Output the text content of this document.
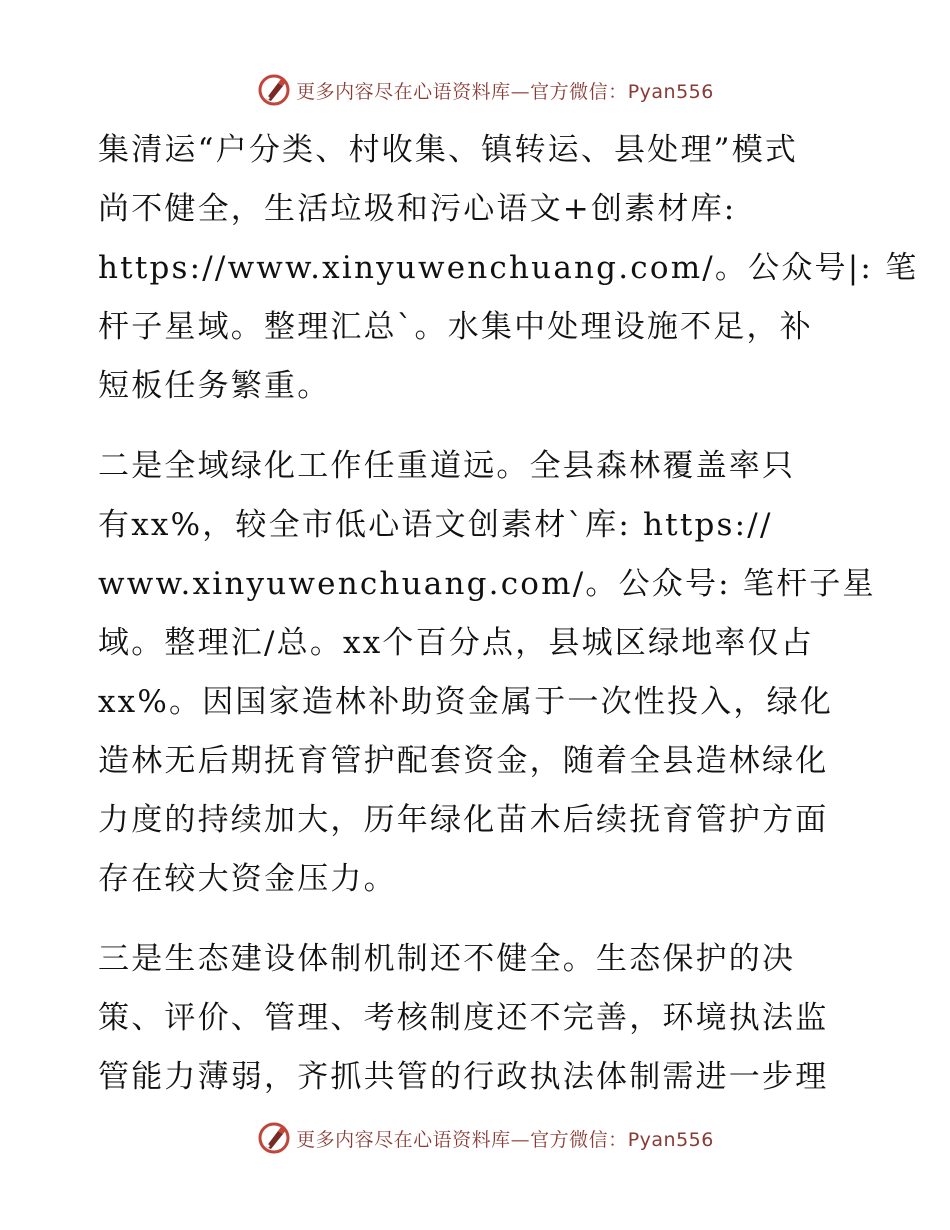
更多内容尽在心语资料库—官方微信：Pyan556
集清运“户分类、村收集、镇转运、县处理”模式
尚不健全，生活垃圾和污心语文+创素材库:
https://www.xinyuwenchuang.com/。公众号|: 笔
杆子星域。整理汇总`。水集中处理设施不足，补
短板任务繁重。
二是全域绿化工作任重道远。全县森林覆盖率只
有xx%，较全市低心语文创素材`库: https://
www.xinyuwenchuang.com/。公众号: 笔杆子星
域。整理汇/总。xx个百分点，县城区绿地率仅占
xx%。因国家造林补助资金属于一次性投入，绿化
造林无后期抚育管护配套资金，随着全县造林绿化
力度的持续加大，历年绿化苗木后续抚育管护方面
存在较大资金压力。
三是生态建设体制机制还不健全。生态保护的决
策、评价、管理、考核制度还不完善，环境执法监
管能力薄弱，齐抓共管的行政执法体制需进一步理
更多内容尽在心语资料库—官方微信：Pyan556
